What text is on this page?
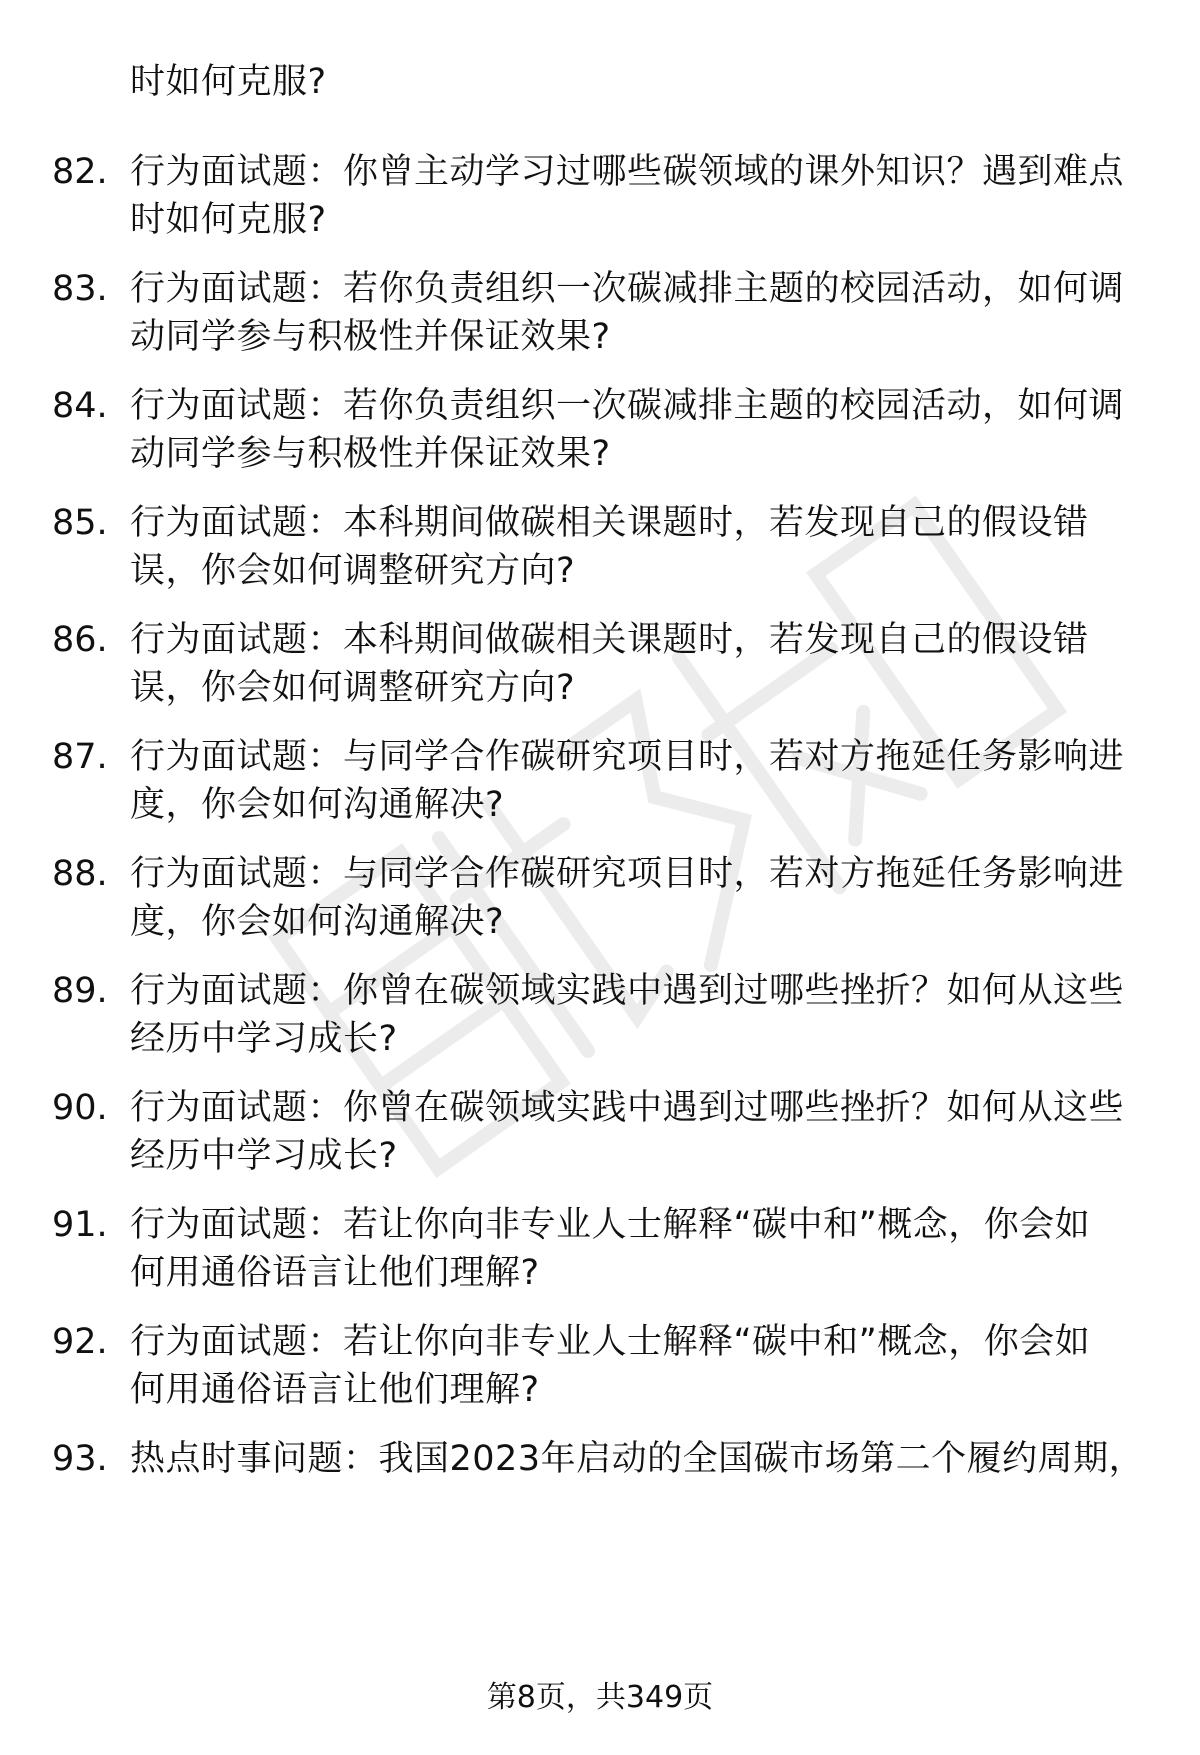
时如何克服?
82. 行为面试题：你曾主动学习过哪些碳领域的课外知识？遇到难点
时如何克服?
83. 行为面试题：若你负责组织一次碳减排主题的校园活动，如何调
动同学参与积极性并保证效果?
84. 行为面试题：若你负责组织一次碳减排主题的校园活动，如何调
动同学参与积极性并保证效果?
85. 行为面试题：本科期间做碳相关课题时，若发现自己的假设错
误，你会如何调整研究方向?
86. 行为面试题：本科期间做碳相关课题时，若发现自己的假设错
误，你会如何调整研究方向?
87. 行为面试题：与同学合作碳研究项目时，若对方拖延任务影响进
度，你会如何沟通解决?
88. 行为面试题：与同学合作碳研究项目时，若对方拖延任务影响进
度，你会如何沟通解决?
89. 行为面试题：你曾在碳领域实践中遇到过哪些挫折？如何从这些
经历中学习成长?
90. 行为面试题：你曾在碳领域实践中遇到过哪些挫折？如何从这些
经历中学习成长?
91. 行为面试题：若让你向非专业人士解释“碳中和”概念，你会如
何用通俗语言让他们理解?
92. 行为面试题：若让你向非专业人士解释“碳中和”概念，你会如
何用通俗语言让他们理解?
93. 热点时事问题：我国2023年启动的全国碳市场第二个履约周期，
第8页，共349页
